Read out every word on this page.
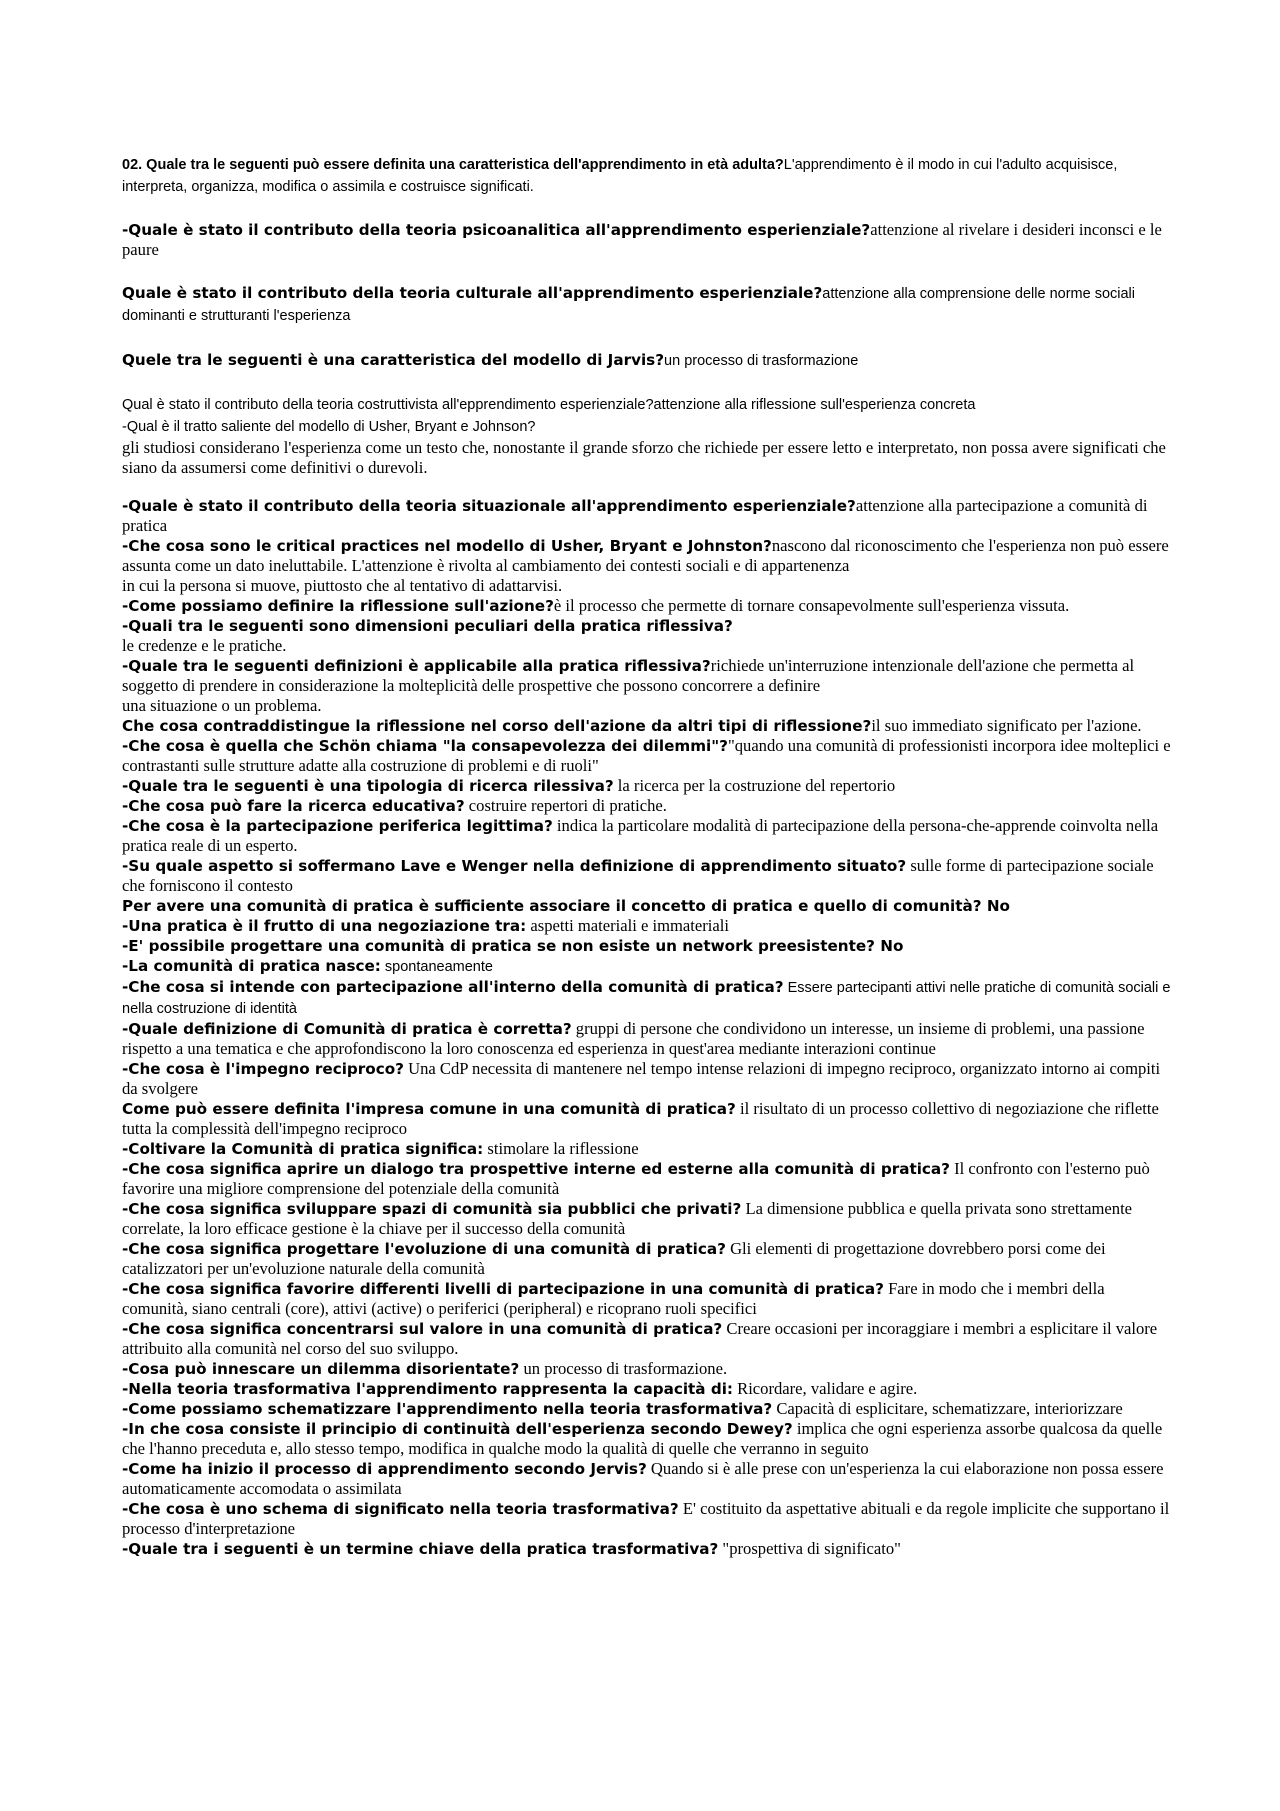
02. Quale tra le seguenti può essere definita una caratteristica dell'apprendimento in età adulta?L'apprendimento è il modo in cui l'adulto acquisisce, interpreta, organizza, modifica o assimila e costruisce significati.

-Quale è stato il contributo della teoria psicoanalitica all'apprendimento esperienziale?attenzione al rivelare i desideri inconsci e le paure

Quale è stato il contributo della teoria culturale all'apprendimento esperienziale?attenzione alla comprensione delle norme sociali dominanti e strutturanti l'esperienza

Quele tra le seguenti è una caratteristica del modello di Jarvis?un processo di trasformazione

Qual è stato il contributo della teoria costruttivista all'epprendimento esperienziale?attenzione alla riflessione sull'esperienza concreta

-Qual è il tratto saliente del modello di Usher, Bryant e Johnson?

gli studiosi considerano l'esperienza come un testo che, nonostante il grande sforzo che richiede per essere letto e interpretato, non possa avere significati che siano da assumersi come definitivi o durevoli.

-Quale è stato il contributo della teoria situazionale all'apprendimento esperienziale?attenzione alla partecipazione a comunità di pratica

-Che cosa sono le critical practices nel modello di Usher, Bryant e Johnston?nascono dal riconoscimento che l'esperienza non può essere assunta come un dato ineluttabile. L'attenzione è rivolta al cambiamento dei contesti sociali e di appartenenza

in cui la persona si muove, piuttosto che al tentativo di adattarvisi.

-Come possiamo definire la riflessione sull'azione?è il processo che permette di tornare consapevolmente sull'esperienza vissuta.

-Quali tra le seguenti sono dimensioni peculiari della pratica riflessiva?

le credenze e le pratiche.

-Quale tra le seguenti definizioni è applicabile alla pratica riflessiva?richiede un'interruzione intenzionale dell'azione che permetta al soggetto di prendere in considerazione la molteplicità delle prospettive che possono concorrere a definire

una situazione o un problema.

Che cosa contraddistingue la riflessione nel corso dell'azione da altri tipi di riflessione?il suo immediato significato per l'azione.

-Che cosa è quella che Schön chiama "la consapevolezza dei dilemmi"?"quando una comunità di professionisti incorpora idee molteplici e contrastanti sulle strutture adatte alla costruzione di problemi e di ruoli"

-Quale tra le seguenti è una tipologia di ricerca rilessiva? la ricerca per la costruzione del repertorio

-Che cosa può fare la ricerca educativa? costruire repertori di pratiche.

-Che cosa è la partecipazione periferica legittima? indica la particolare modalità di partecipazione della persona-che-apprende coinvolta nella pratica reale di un esperto.

-Su quale aspetto si soffermano Lave e Wenger nella definizione di apprendimento situato? sulle forme di partecipazione sociale che forniscono il contesto

Per avere una comunità di pratica è sufficiente associare il concetto di pratica e quello di comunità? No

-Una pratica è il frutto di una negoziazione tra: aspetti materiali e immateriali

-E' possibile progettare una comunità di pratica se non esiste un network preesistente? No

-La comunità di pratica nasce: spontaneamente

-Che cosa si intende con partecipazione all'interno della comunità di pratica? Essere partecipanti attivi nelle pratiche di comunità sociali e nella costruzione di identità

-Quale definizione di Comunità di pratica è corretta? gruppi di persone che condividono un interesse, un insieme di problemi, una passione rispetto a una tematica e che approfondiscono la loro conoscenza ed esperienza in quest'area mediante interazioni continue

-Che cosa è l'impegno reciproco? Una CdP necessita di mantenere nel tempo intense relazioni di impegno reciproco, organizzato intorno ai compiti da svolgere

Come può essere definita l'impresa comune in una comunità di pratica? il risultato di un processo collettivo di negoziazione che riflette tutta la complessità dell'impegno reciproco

-Coltivare la Comunità di pratica significa: stimolare la riflessione

-Che cosa significa aprire un dialogo tra prospettive interne ed esterne alla comunità di pratica? Il confronto con l'esterno può favorire una migliore comprensione del potenziale della comunità

-Che cosa significa sviluppare spazi di comunità sia pubblici che privati? La dimensione pubblica e quella privata sono strettamente correlate, la loro efficace gestione è la chiave per il successo della comunità

-Che cosa significa progettare l'evoluzione di una comunità di pratica? Gli elementi di progettazione dovrebbero porsi come dei catalizzatori per un'evoluzione naturale della comunità

-Che cosa significa favorire differenti livelli di partecipazione in una comunità di pratica? Fare in modo che i membri della comunità, siano centrali (core), attivi (active) o periferici (peripheral) e ricoprano ruoli specifici

-Che cosa significa concentrarsi sul valore in una comunità di pratica? Creare occasioni per incoraggiare i membri a esplicitare il valore attribuito alla comunità nel corso del suo sviluppo.

-Cosa può innescare un dilemma disorientate? un processo di trasformazione.

-Nella teoria trasformativa l'apprendimento rappresenta la capacità di: Ricordare, validare e agire.

-Come possiamo schematizzare l'apprendimento nella teoria trasformativa? Capacità di esplicitare, schematizzare, interiorizzare

-In che cosa consiste il principio di continuità dell'esperienza secondo Dewey? implica che ogni esperienza assorbe qualcosa da quelle che l'hanno preceduta e, allo stesso tempo, modifica in qualche modo la qualità di quelle che verranno in seguito

-Come ha inizio il processo di apprendimento secondo Jervis? Quando si è alle prese con un'esperienza la cui elaborazione non possa essere automaticamente accomodata o assimilata

-Che cosa è uno schema di significato nella teoria trasformativa? E' costituito da aspettative abituali e da regole implicite che supportano il processo d'interpretazione

-Quale tra i seguenti è un termine chiave della pratica trasformativa? "prospettiva di significato"
